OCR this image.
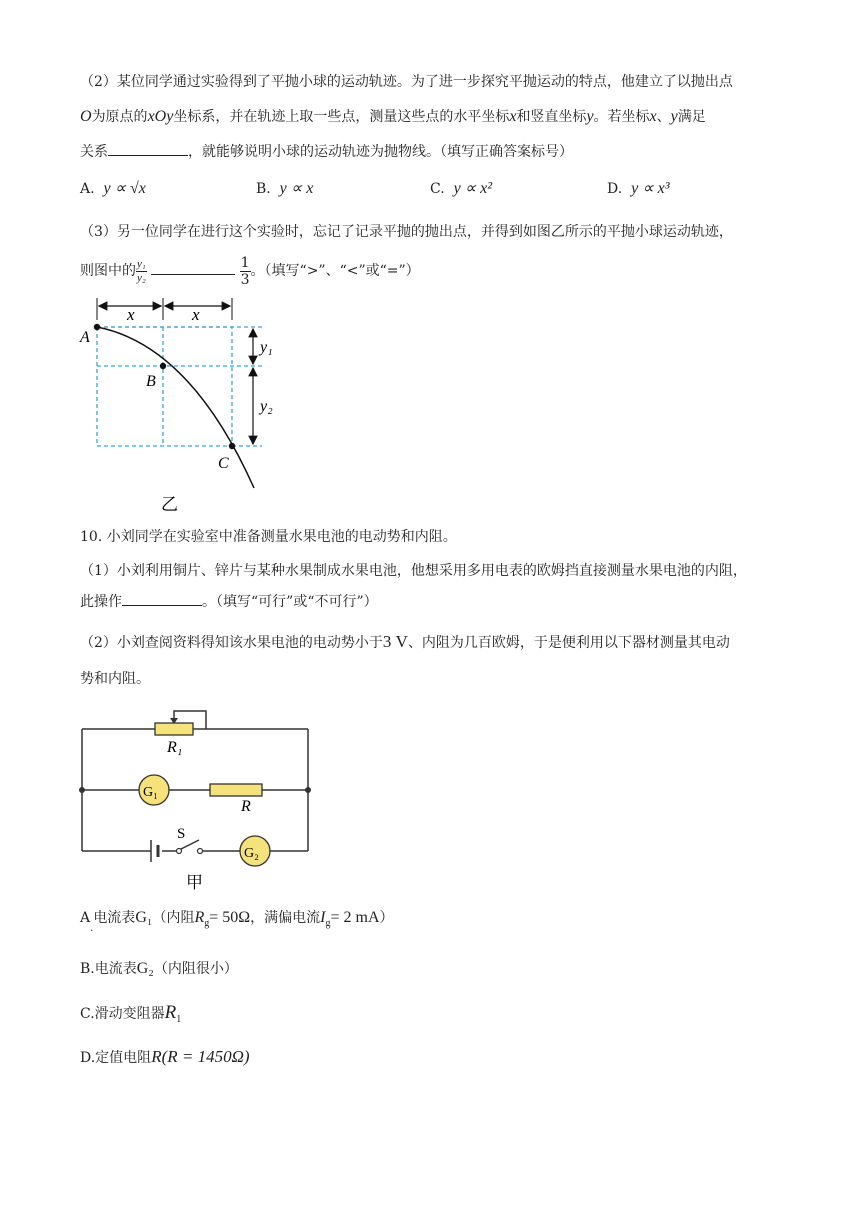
（2）某位同学通过实验得到了平抛小球的运动轨迹。为了进一步探究平抛运动的特点，他建立了以抛出点
O为原点的xOy坐标系，并在轨迹上取一些点，测量这些点的水平坐标x和竖直坐标y。若坐标x、y满足
关系	，就能够说明小球的运动轨迹为抛物线。（填写正确答案标号）
A. y ∝ √x	B. y ∝ x	C. y ∝ x²	D. y ∝ x³
（3）另一位同学在进行这个实验时，忘记了记录平抛的抛出点，并得到如图乙所示的平抛小球运动轨迹，
则图中的 $\frac{\text{y₁}}{\text{y₂}}$
	$\frac{1}{3}$ 。（填写“>”、“<”或“=”）
x	x
y₁
y₂
A
B
C
乙
10. 小刘同学在实验室中准备测量水果电池的电动势和内阻。
（1）小刘利用铜片、锌片与某种水果制成水果电池，他想采用多用电表的欧姆挡直接测量水果电池的内阻，
此操作	。（填写“可行”或“不可行”）
（2）小刘查阅资料得知该水果电池的电动势小于3 V、内阻为几百欧姆，于是便利用以下器材测量其电动
势和内阻。
R₁
G₁
R
S
G₂
甲
$A_.$电流表G₁（内阻$R_g= 50\Omega$，满偏电流$I_g= 2$ mA）
B.电流表G₂（内阻很小）
C.滑动变阻器$R_1$
D.定值电阻R(R = 1450Ω)
